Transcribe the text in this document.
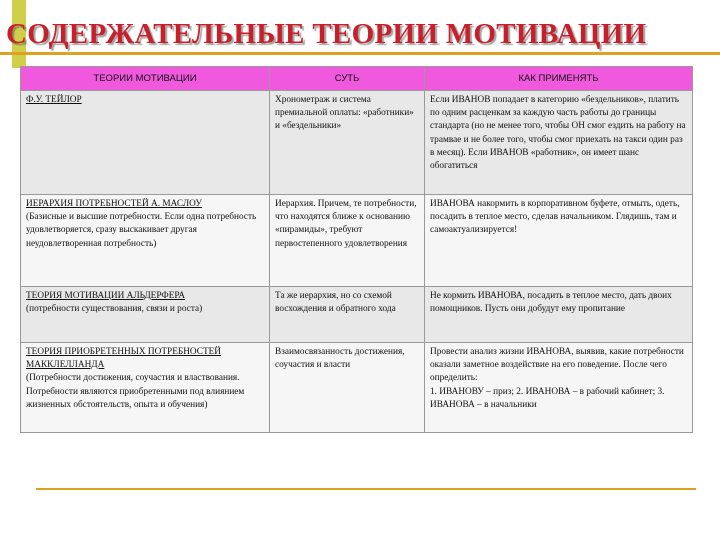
СОДЕРЖАТЕЛЬНЫЕ ТЕОРИИ МОТИВАЦИИ
ТЕОРИИ МОТИВАЦИИ	СУТЬ	КАК ПРИМЕНЯТЬ
Ф.У. ТЕЙЛОР	Хронометраж и система премиальной оплаты: «работники» и «бездельники»	Если ИВАНОВ попадает в категорию «бездельников», платить по одним расценкам за каждую часть работы до границы стандарта (но не менее того, чтобы ОН смог ездить на работу на трамвае и не более того, чтобы смог приехать на такси один раз в месяц). Если ИВАНОВ «работник», он имеет шанс обогатиться
ИЕРАРХИЯ ПОТРЕБНОСТЕЙ А. МАСЛОУ
(Базисные и высшие потребности. Если одна потребность удовлетворяется, сразу выскакивает другая неудовлетворенная потребность)	Иерархия. Причем, те потребности, что находятся ближе к основанию «пирамиды», требуют первостепенного удовлетворения	ИВАНОВА накормить в корпоративном буфете, отмыть, одеть, посадить в теплое место, сделав начальником. Глядишь, там и самоактуализируется!
ТЕОРИЯ МОТИВАЦИИ АЛЬДЕРФЕРА
(потребности существования, связи и роста)	Та же иерархия, но со схемой восхождения и обратного хода	Не кормить ИВАНОВА, посадить в теплое место, дать двоих помощников. Пусть они добудут ему пропитание
ТЕОРИЯ ПРИОБРЕТЕННЫХ ПОТРЕБНОСТЕЙ МАККЛЕЛЛАНДА
(Потребности достижения, соучастия и властвования. Потребности являются приобретенными под влиянием жизненных обстоятельств, опыта и обучения)	Взаимосвязанность достижения, соучастия и власти	Провести анализ жизни ИВАНОВА, выявив, какие потребности оказали заметное воздействие на его поведение. После чего определить:
1. ИВАНОВУ – приз; 2. ИВАНОВА – в рабочий кабинет; 3. ИВАНОВА – в начальники
